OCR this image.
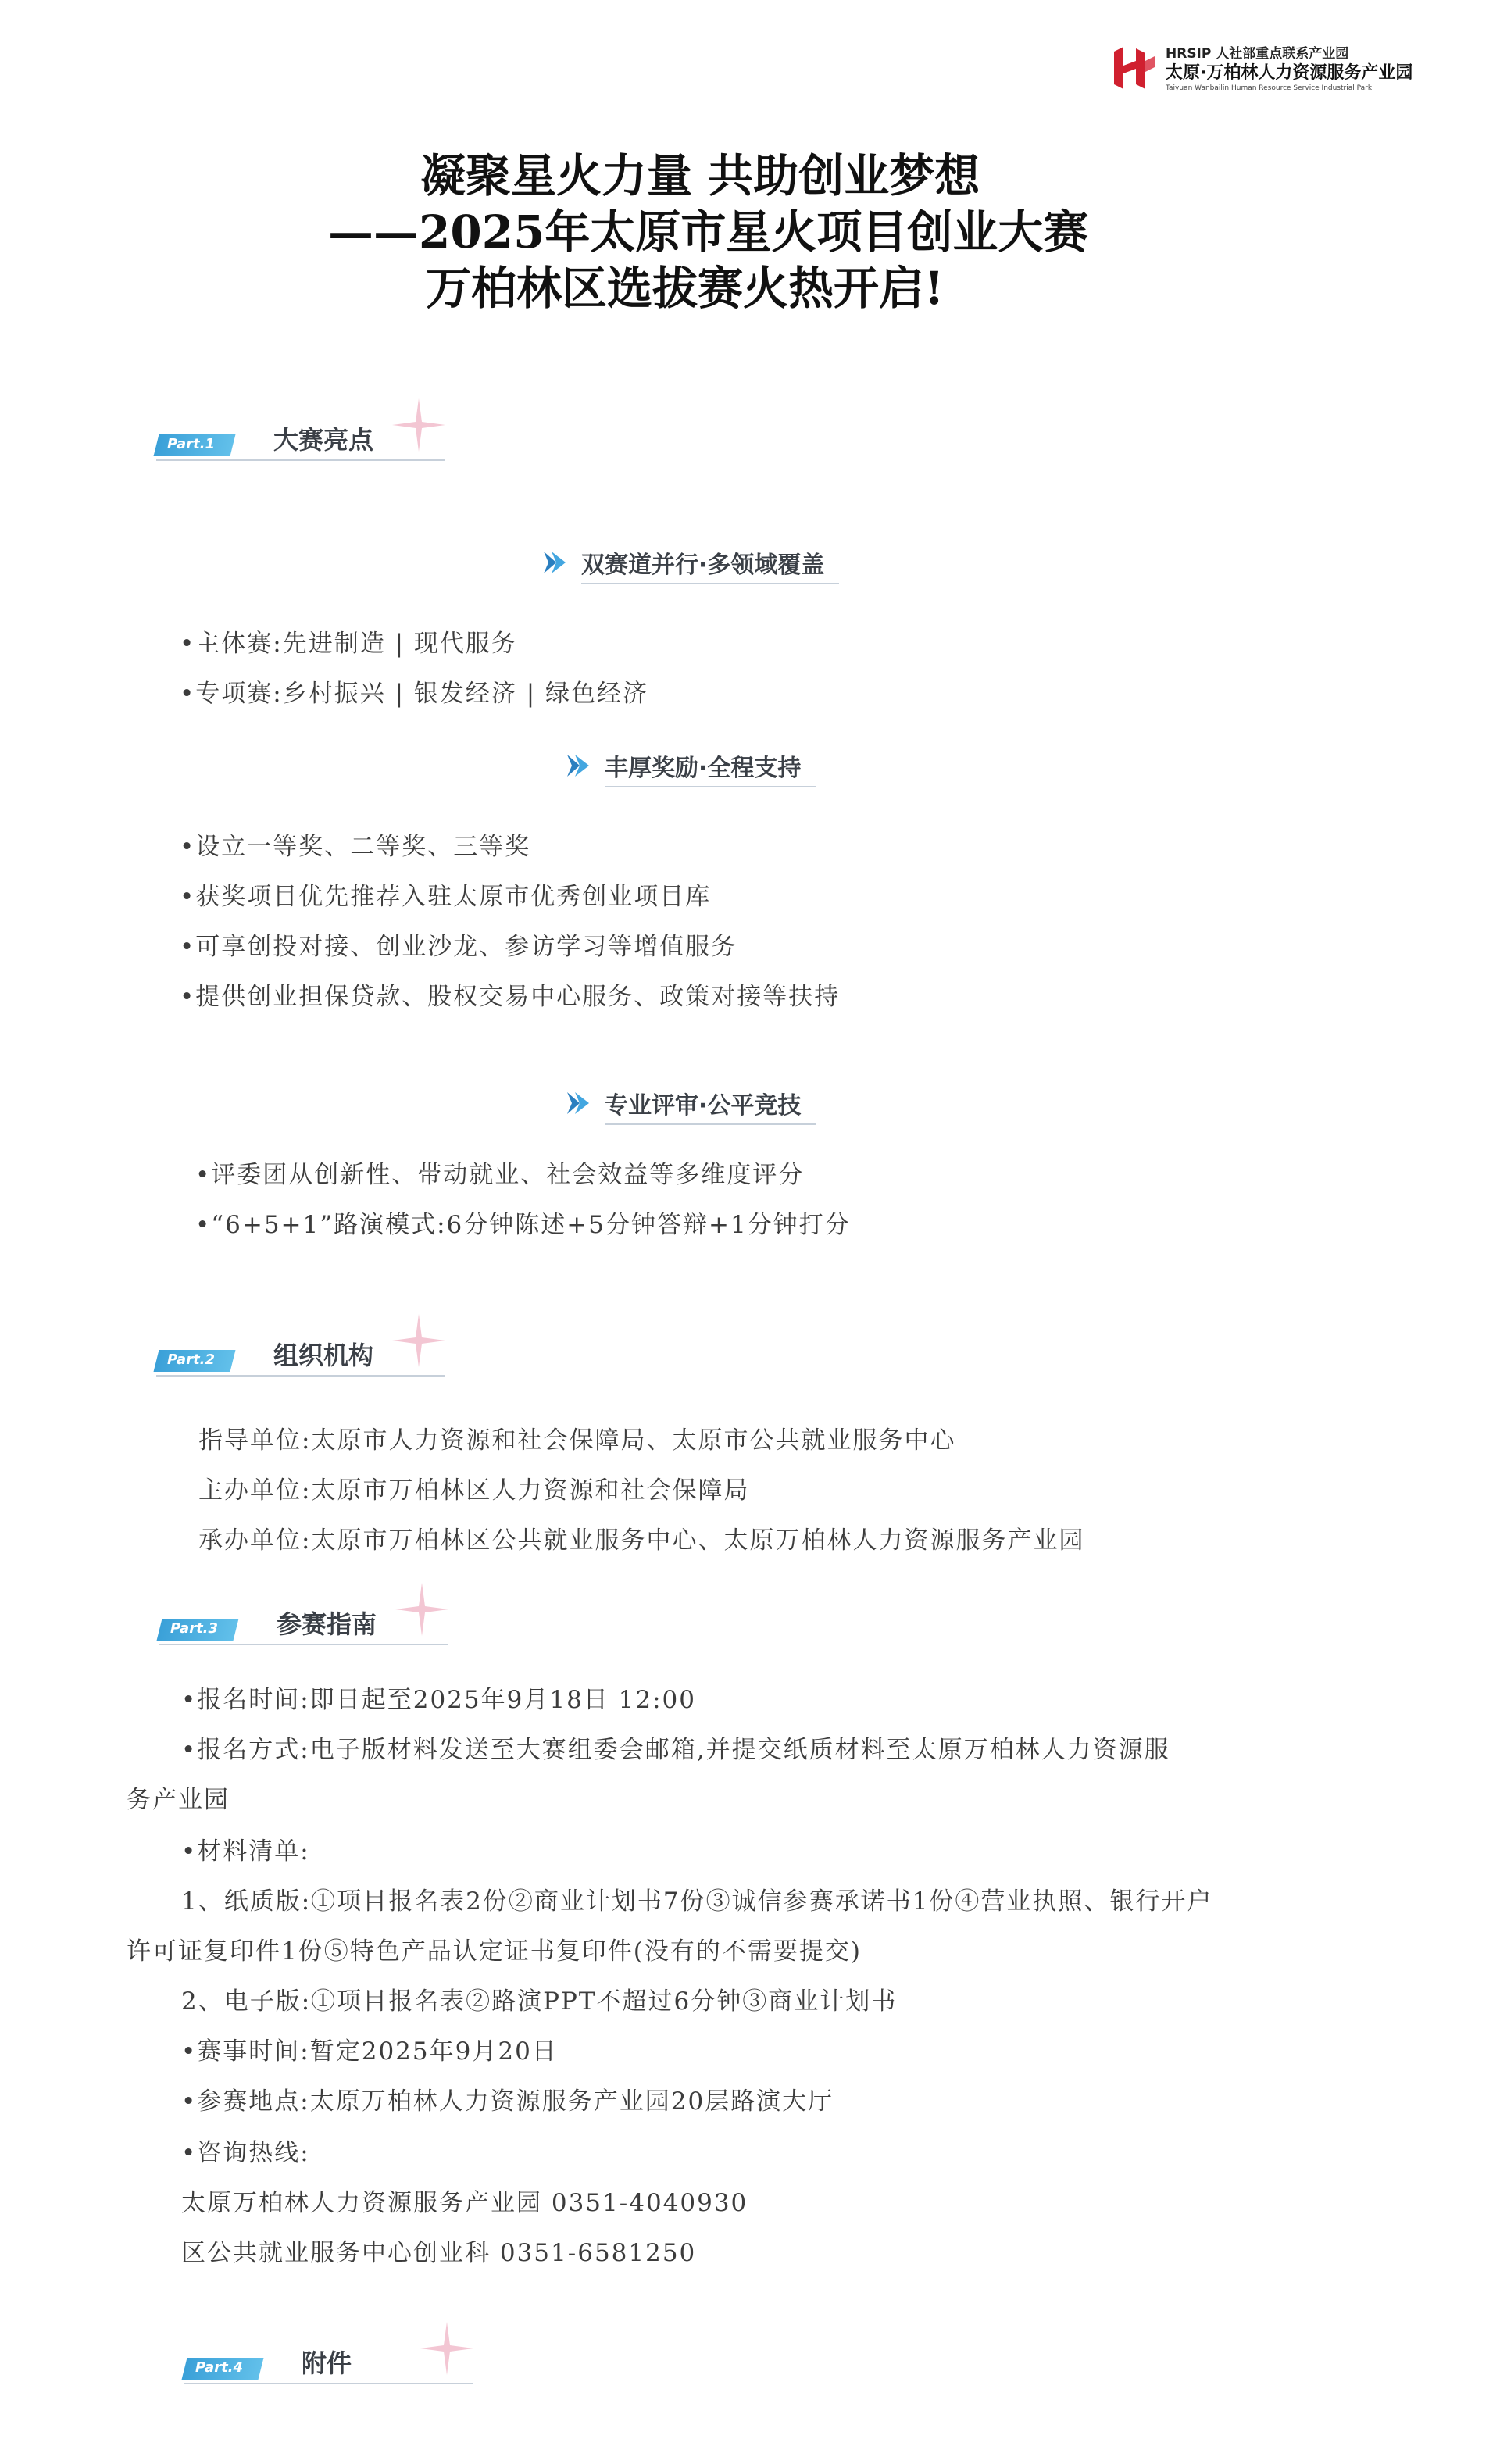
HRSIP 人社部重点联系产业园
太原·万柏林人力资源服务产业园
Taiyuan Wanbailin Human Resource Service Industrial Park
凝聚星火力量 共助创业梦想
——2025年太原市星火项目创业大赛
万柏林区选拔赛火热开启!
Part.1 大赛亮点
双赛道并行·多领域覆盖
•主体赛:先进制造 | 现代服务
•专项赛:乡村振兴 | 银发经济 | 绿色经济
丰厚奖励·全程支持
•设立一等奖、二等奖、三等奖
•获奖项目优先推荐入驻太原市优秀创业项目库
•可享创投对接、创业沙龙、参访学习等增值服务
•提供创业担保贷款、股权交易中心服务、政策对接等扶持
专业评审·公平竞技
•评委团从创新性、带动就业、社会效益等多维度评分
•“6+5+1”路演模式:6分钟陈述+5分钟答辩+1分钟打分
Part.2 组织机构
指导单位:太原市人力资源和社会保障局、太原市公共就业服务中心
主办单位:太原市万柏林区人力资源和社会保障局
承办单位:太原市万柏林区公共就业服务中心、太原万柏林人力资源服务产业园
Part.3 参赛指南
•报名时间:即日起至2025年9月18日 12:00
•报名方式:电子版材料发送至大赛组委会邮箱,并提交纸质材料至太原万柏林人力资源服
务产业园
•材料清单:
1、纸质版:①项目报名表2份②商业计划书7份③诚信参赛承诺书1份④营业执照、银行开户
许可证复印件1份⑤特色产品认定证书复印件(没有的不需要提交)
2、电子版:①项目报名表②路演PPT不超过6分钟③商业计划书
•赛事时间:暂定2025年9月20日
•参赛地点:太原万柏林人力资源服务产业园20层路演大厅
•咨询热线:
太原万柏林人力资源服务产业园 0351-4040930
区公共就业服务中心创业科 0351-6581250
Part.4 附件
